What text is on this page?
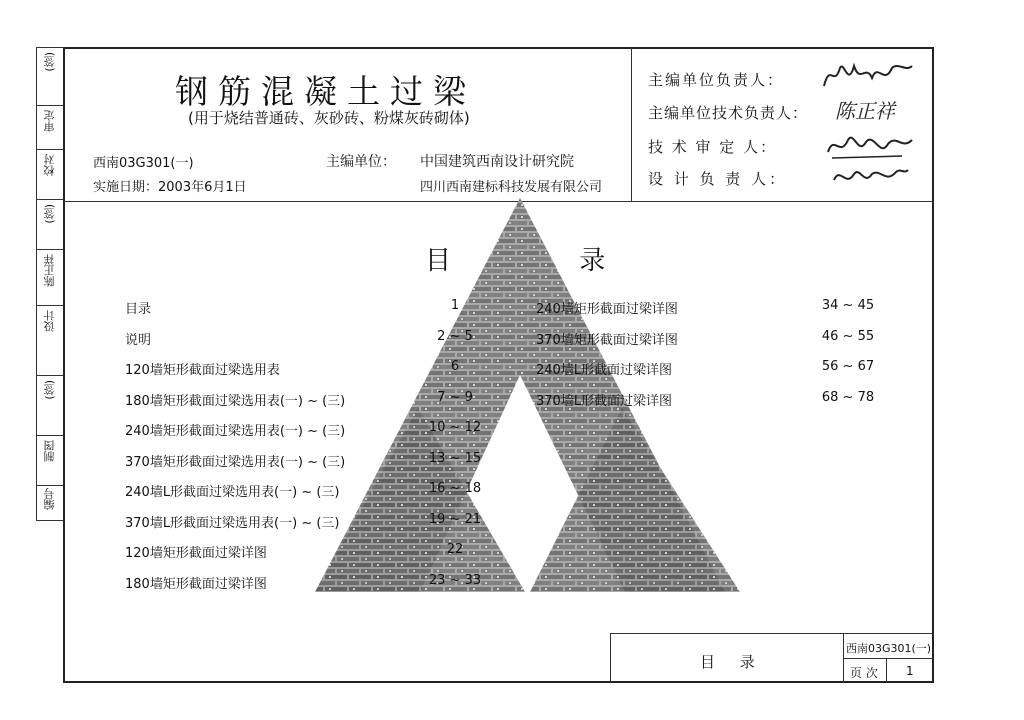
(签)
审定
校对
(签)
陈正祥
设计
(签)
制图
编号
钢筋混凝土过梁
(用于烧结普通砖、灰砂砖、粉煤灰砖砌体)
西南03G301(一)
实施日期：2003年6月1日
主编单位： 中国建筑西南设计研究院
四川西南建标科技发展有限公司
主编单位负责人：
主编单位技术负责人： 陈正祥
技 术 审 定 人：
设 计 负 责 人：
目 录
目录	1
说明	2 ~ 5
120墙矩形截面过梁选用表	6
180墙矩形截面过梁选用表(一) ~ (三)	7 ~ 9
240墙矩形截面过梁选用表(一) ~ (三)	10 ~ 12
370墙矩形截面过梁选用表(一) ~ (三)	13 ~ 15
240墙L形截面过梁选用表(一) ~ (三)	16 ~ 18
370墙L形截面过梁选用表(一) ~ (三)	19 ~ 21
120墙矩形截面过梁详图	22
180墙矩形截面过梁详图	23 ~ 33
240墙矩形截面过梁详图	34 ~ 45
370墙矩形截面过梁详图	46 ~ 55
240墙L形截面过梁详图	56 ~ 67
370墙L形截面过梁详图	68 ~ 78
目 录
西南03G301(一)
页 次 1
